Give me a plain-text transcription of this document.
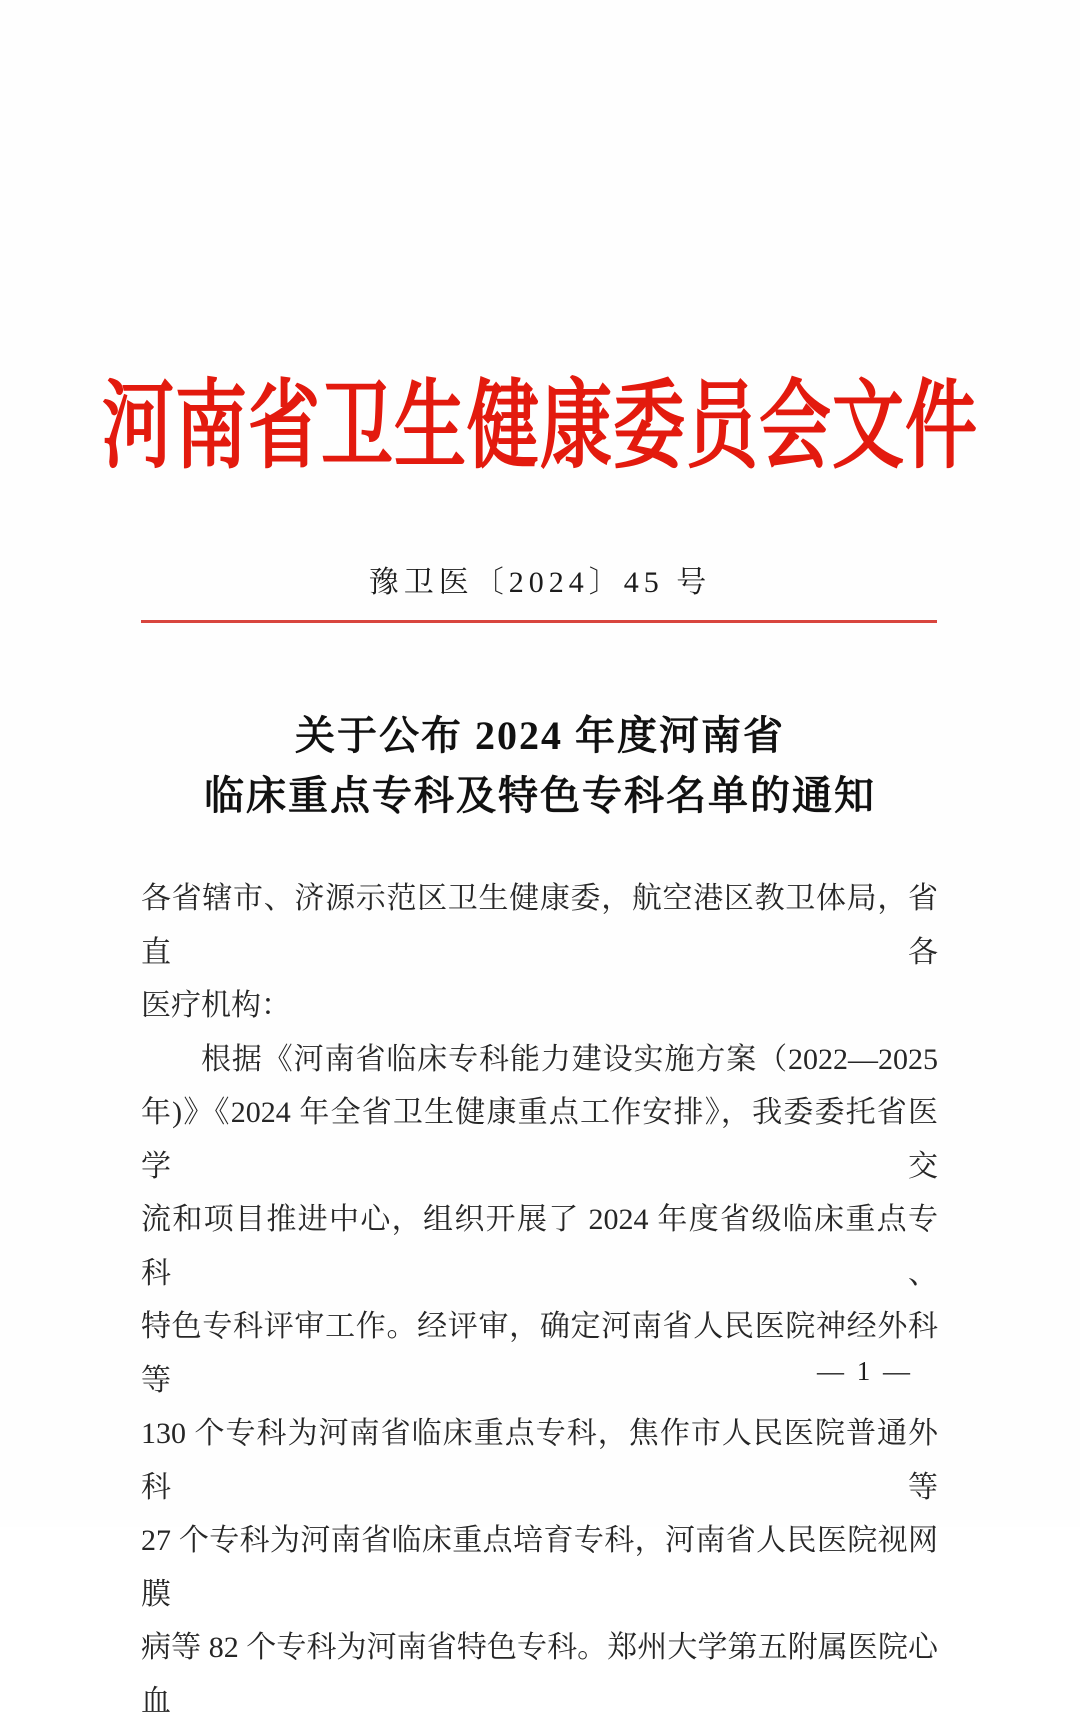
河南省卫生健康委员会文件
豫卫医〔2024〕45 号
关于公布 2024 年度河南省
临床重点专科及特色专科名单的通知
各省辖市、济源示范区卫生健康委，航空港区教卫体局，省直各
医疗机构：
根据《河南省临床专科能力建设实施方案（2022—2025
年)》《2024 年全省卫生健康重点工作安排》，我委委托省医学交
流和项目推进中心，组织开展了 2024 年度省级临床重点专科、
特色专科评审工作。经评审，确定河南省人民医院神经外科等
130 个专科为河南省临床重点专科，焦作市人民医院普通外科等
27 个专科为河南省临床重点培育专科，河南省人民医院视网膜
病等 82 个专科为河南省特色专科。郑州大学第五附属医院心血
— 1 —
